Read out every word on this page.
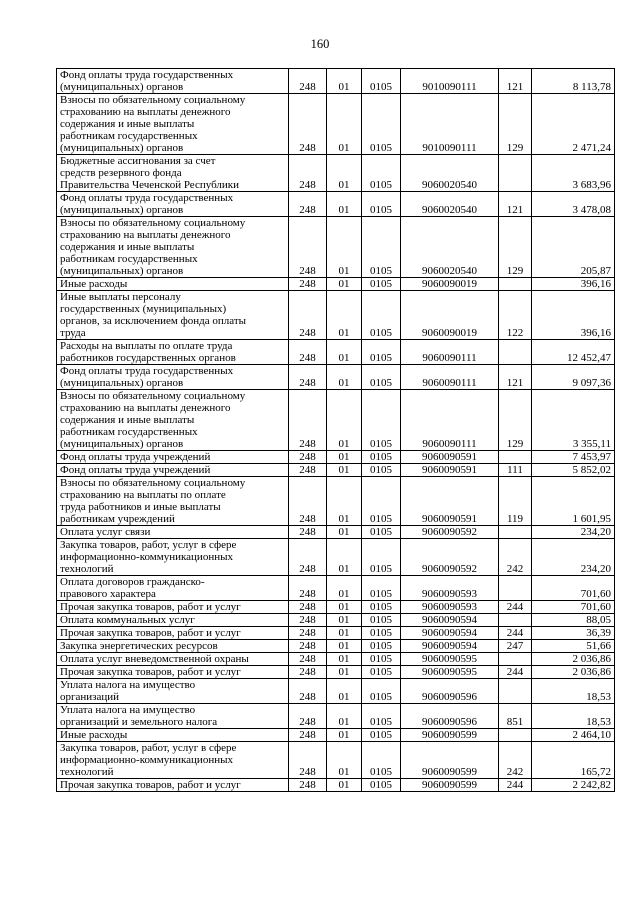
160
Фонд оплаты труда государственных
(муниципальных) органов	248	01	0105	9010090111	121	8 113,78
Взносы по обязательному социальному
страхованию на выплаты денежного
содержания и иные выплаты
работникам государственных
(муниципальных) органов	248	01	0105	9010090111	129	2 471,24
Бюджетные ассигнования за счет
средств резервного фонда
Правительства Чеченской Республики	248	01	0105	9060020540		3 683,96
Фонд оплаты труда государственных
(муниципальных) органов	248	01	0105	9060020540	121	3 478,08
Взносы по обязательному социальному
страхованию на выплаты денежного
содержания и иные выплаты
работникам государственных
(муниципальных) органов	248	01	0105	9060020540	129	205,87
Иные расходы	248	01	0105	9060090019		396,16
Иные выплаты персоналу
государственных (муниципальных)
органов, за исключением фонда оплаты
труда	248	01	0105	9060090019	122	396,16
Расходы на выплаты по оплате труда
работников государственных органов	248	01	0105	9060090111		12 452,47
Фонд оплаты труда государственных
(муниципальных) органов	248	01	0105	9060090111	121	9 097,36
Взносы по обязательному социальному
страхованию на выплаты денежного
содержания и иные выплаты
работникам государственных
(муниципальных) органов	248	01	0105	9060090111	129	3 355,11
Фонд оплаты труда учреждений	248	01	0105	9060090591		7 453,97
Фонд оплаты труда учреждений	248	01	0105	9060090591	111	5 852,02
Взносы по обязательному социальному
страхованию на выплаты по оплате
труда работников и иные выплаты
работникам учреждений	248	01	0105	9060090591	119	1 601,95
Оплата услуг связи	248	01	0105	9060090592		234,20
Закупка товаров, работ, услуг в сфере
информационно-коммуникационных
технологий	248	01	0105	9060090592	242	234,20
Оплата договоров гражданско-
правового характера	248	01	0105	9060090593		701,60
Прочая закупка товаров, работ и услуг	248	01	0105	9060090593	244	701,60
Оплата коммунальных услуг	248	01	0105	9060090594		88,05
Прочая закупка товаров, работ и услуг	248	01	0105	9060090594	244	36,39
Закупка энергетических ресурсов	248	01	0105	9060090594	247	51,66
Оплата услуг вневедомственной охраны	248	01	0105	9060090595		2 036,86
Прочая закупка товаров, работ и услуг	248	01	0105	9060090595	244	2 036,86
Уплата налога на имущество
организаций	248	01	0105	9060090596		18,53
Уплата налога на имущество
организаций и земельного налога	248	01	0105	9060090596	851	18,53
Иные расходы	248	01	0105	9060090599		2 464,10
Закупка товаров, работ, услуг в сфере
информационно-коммуникационных
технологий	248	01	0105	9060090599	242	165,72
Прочая закупка товаров, работ и услуг	248	01	0105	9060090599	244	2 242,82
